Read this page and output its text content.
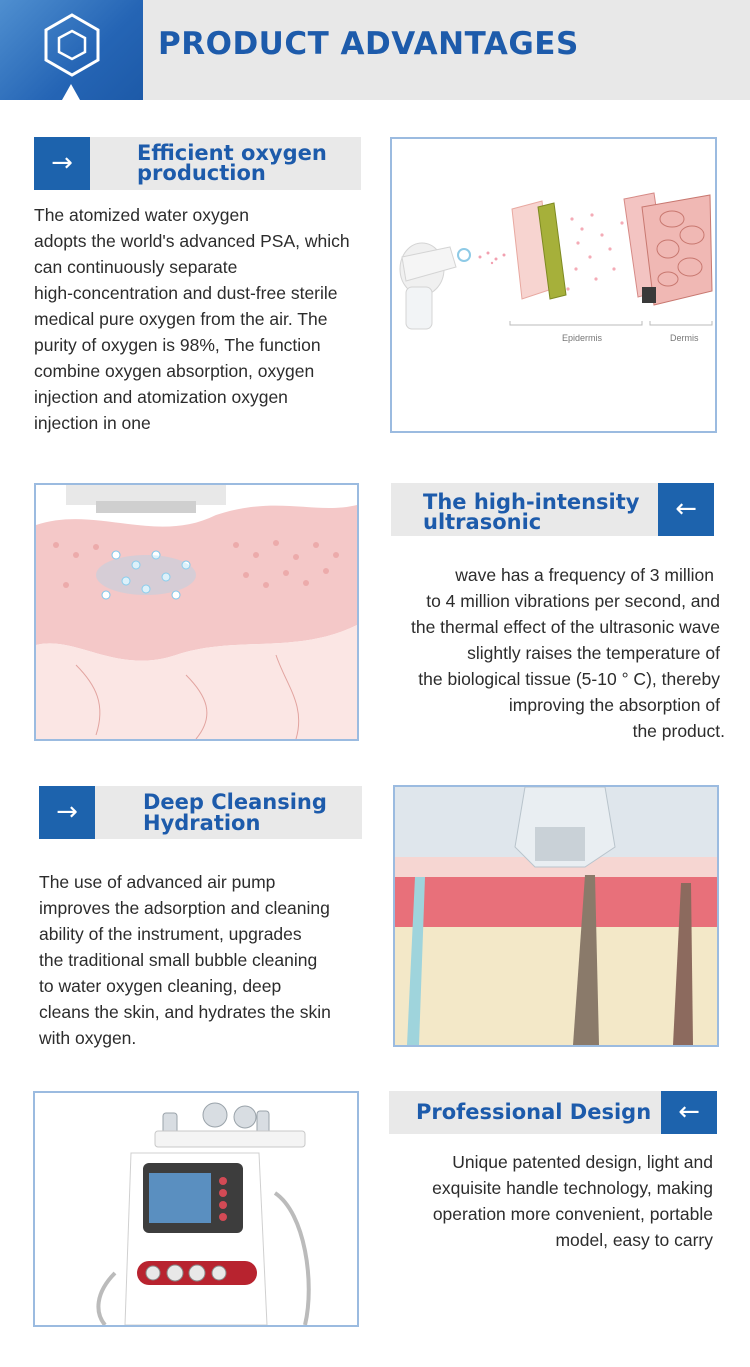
PRODUCT ADVANTAGES
→	Efficient oxygen
production
The atomized water oxygen
adopts the world's advanced PSA, which
can continuously separate
high-concentration and dust-free sterile
medical pure oxygen from the air. The
purity of oxygen is 98%, The function
combine oxygen absorption, oxygen
injection and atomization oxygen
injection in one
Epidermis	Dermis
The high-intensity
ultrasonic	←
wave has a frequency of 3 million
to 4 million vibrations per second, and
the thermal effect of the ultrasonic wave
slightly raises the temperature of
the biological tissue (5-10 ° C), thereby
improving the absorption of
the product.
→	Deep Cleansing
Hydration
The use of advanced air pump
improves the adsorption and cleaning
ability of the instrument, upgrades
the traditional small bubble cleaning
to water oxygen cleaning, deep
cleans the skin, and hydrates the skin
with oxygen.
Professional Design	←
Unique patented design, light and
exquisite handle technology, making
operation more convenient, portable
model, easy to carry
